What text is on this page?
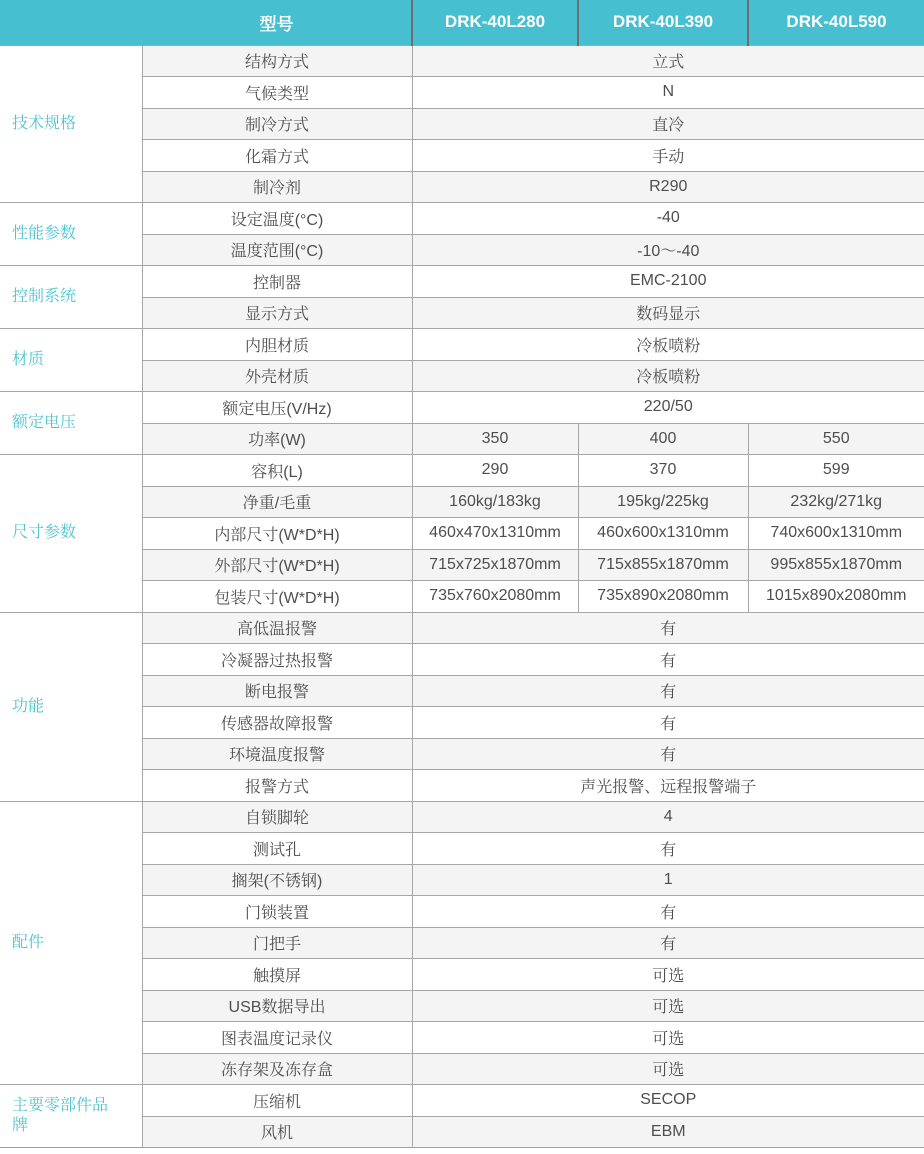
型号		DRK-40L280	DRK-40L390	DRK-40L590
技术规格	结构方式	立式		
	气候类型	N		
	制冷方式	直冷		
	化霜方式	手动		
	制冷剂	R290		
性能参数	设定温度(°C)	-40		
	温度范围(°C)	-10～-40		
控制系统	控制器	EMC-2100		
	显示方式	数码显示		
材质	内胆材质	冷板喷粉		
	外壳材质	冷板喷粉		
额定电压	额定电压(V/Hz)	220/50		
	功率(W)	350	400	550
尺寸参数	容积(L)	290	370	599
	净重/毛重	160kg/183kg	195kg/225kg	232kg/271kg
	内部尺寸(W*D*H)	460x470x1310mm	460x600x1310mm	740x600x1310mm
	外部尺寸(W*D*H)	715x725x1870mm	715x855x1870mm	995x855x1870mm
	包装尺寸(W*D*H)	735x760x2080mm	735x890x2080mm	1015x890x2080mm
功能	高低温报警	有		
	冷凝器过热报警	有		
	断电报警	有		
	传感器故障报警	有		
	环境温度报警	有		
	报警方式	声光报警、远程报警端子		
配件	自锁脚轮	4		
	测试孔	有		
	搁架(不锈钢)	1		
	门锁装置	有		
	门把手	有		
	触摸屏	可选		
	USB数据导出	可选		
	图表温度记录仪	可选		
	冻存架及冻存盒	可选		
主要零部件品牌	压缩机	SECOP		
	风机	EBM		
